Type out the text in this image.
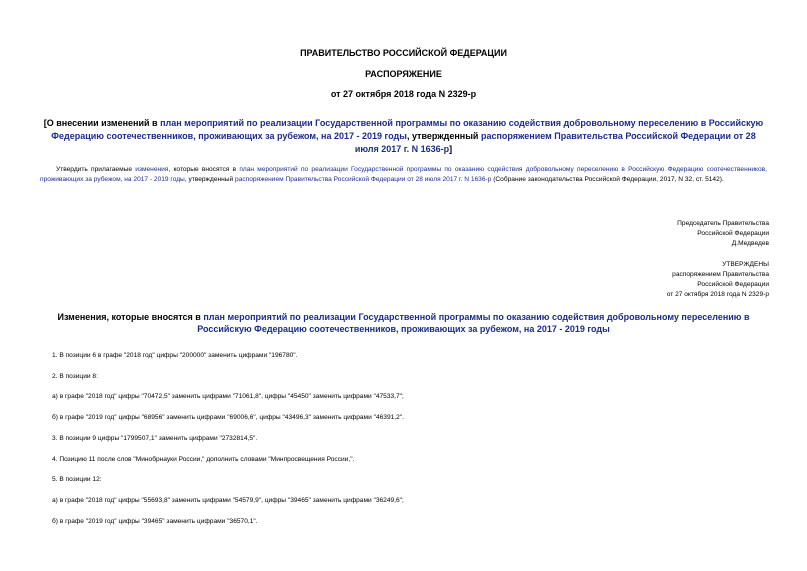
ПРАВИТЕЛЬСТВО РОССИЙСКОЙ ФЕДЕРАЦИИ
РАСПОРЯЖЕНИЕ
от 27 октября 2018 года N 2329-р
[О внесении изменений в план мероприятий по реализации Государственной программы по оказанию содействия добровольному переселению в Российскую Федерацию соотечественников, проживающих за рубежом, на 2017 - 2019 годы, утвержденный распоряжением Правительства Российской Федерации от 28 июля 2017 г. N 1636-р]
Утвердить прилагаемые изменения, которые вносятся в план мероприятий по реализации Государственной программы по оказанию содействия добровольному переселению в Российскую Федерацию соотечественников, проживающих за рубежом, на 2017 - 2019 годы, утвержденный распоряжением Правительства Российской Федерации от 28 июля 2017 г. N 1636-р (Собрание законодательства Российской Федерации, 2017, N 32, ст. 5142).
Председатель Правительства
Российской Федерации
Д.Медведев
УТВЕРЖДЕНЫ
распоряжением Правительства
Российской Федерации
от 27 октября 2018 года N 2329-р
Изменения, которые вносятся в план мероприятий по реализации Государственной программы по оказанию содействия добровольному переселению в Российскую Федерацию соотечественников, проживающих за рубежом, на 2017 - 2019 годы
1. В позиции 6 в графе "2018 год" цифры "200000" заменить цифрами "196780".
2. В позиции 8:
а) в графе "2018 год" цифры "70472,5" заменить цифрами "71061,8", цифры "45450" заменить цифрами "47533,7";
б) в графе "2019 год" цифры "68956" заменить цифрами "69006,6", цифры "43496,3" заменить цифрами "46391,2".
3. В позиции 9 цифры "1799507,1" заменить цифрами "2732814,5".
4. Позицию 11 после слов "Минобрнауки России," дополнить словами "Минпросвещения России,".
5. В позиции 12:
а) в графе "2018 год" цифры "55693,8" заменить цифрами "54579,9", цифры "39465" заменить цифрами "36249,6";
б) в графе "2019 год" цифры "39465" заменить цифрами "36570,1".
